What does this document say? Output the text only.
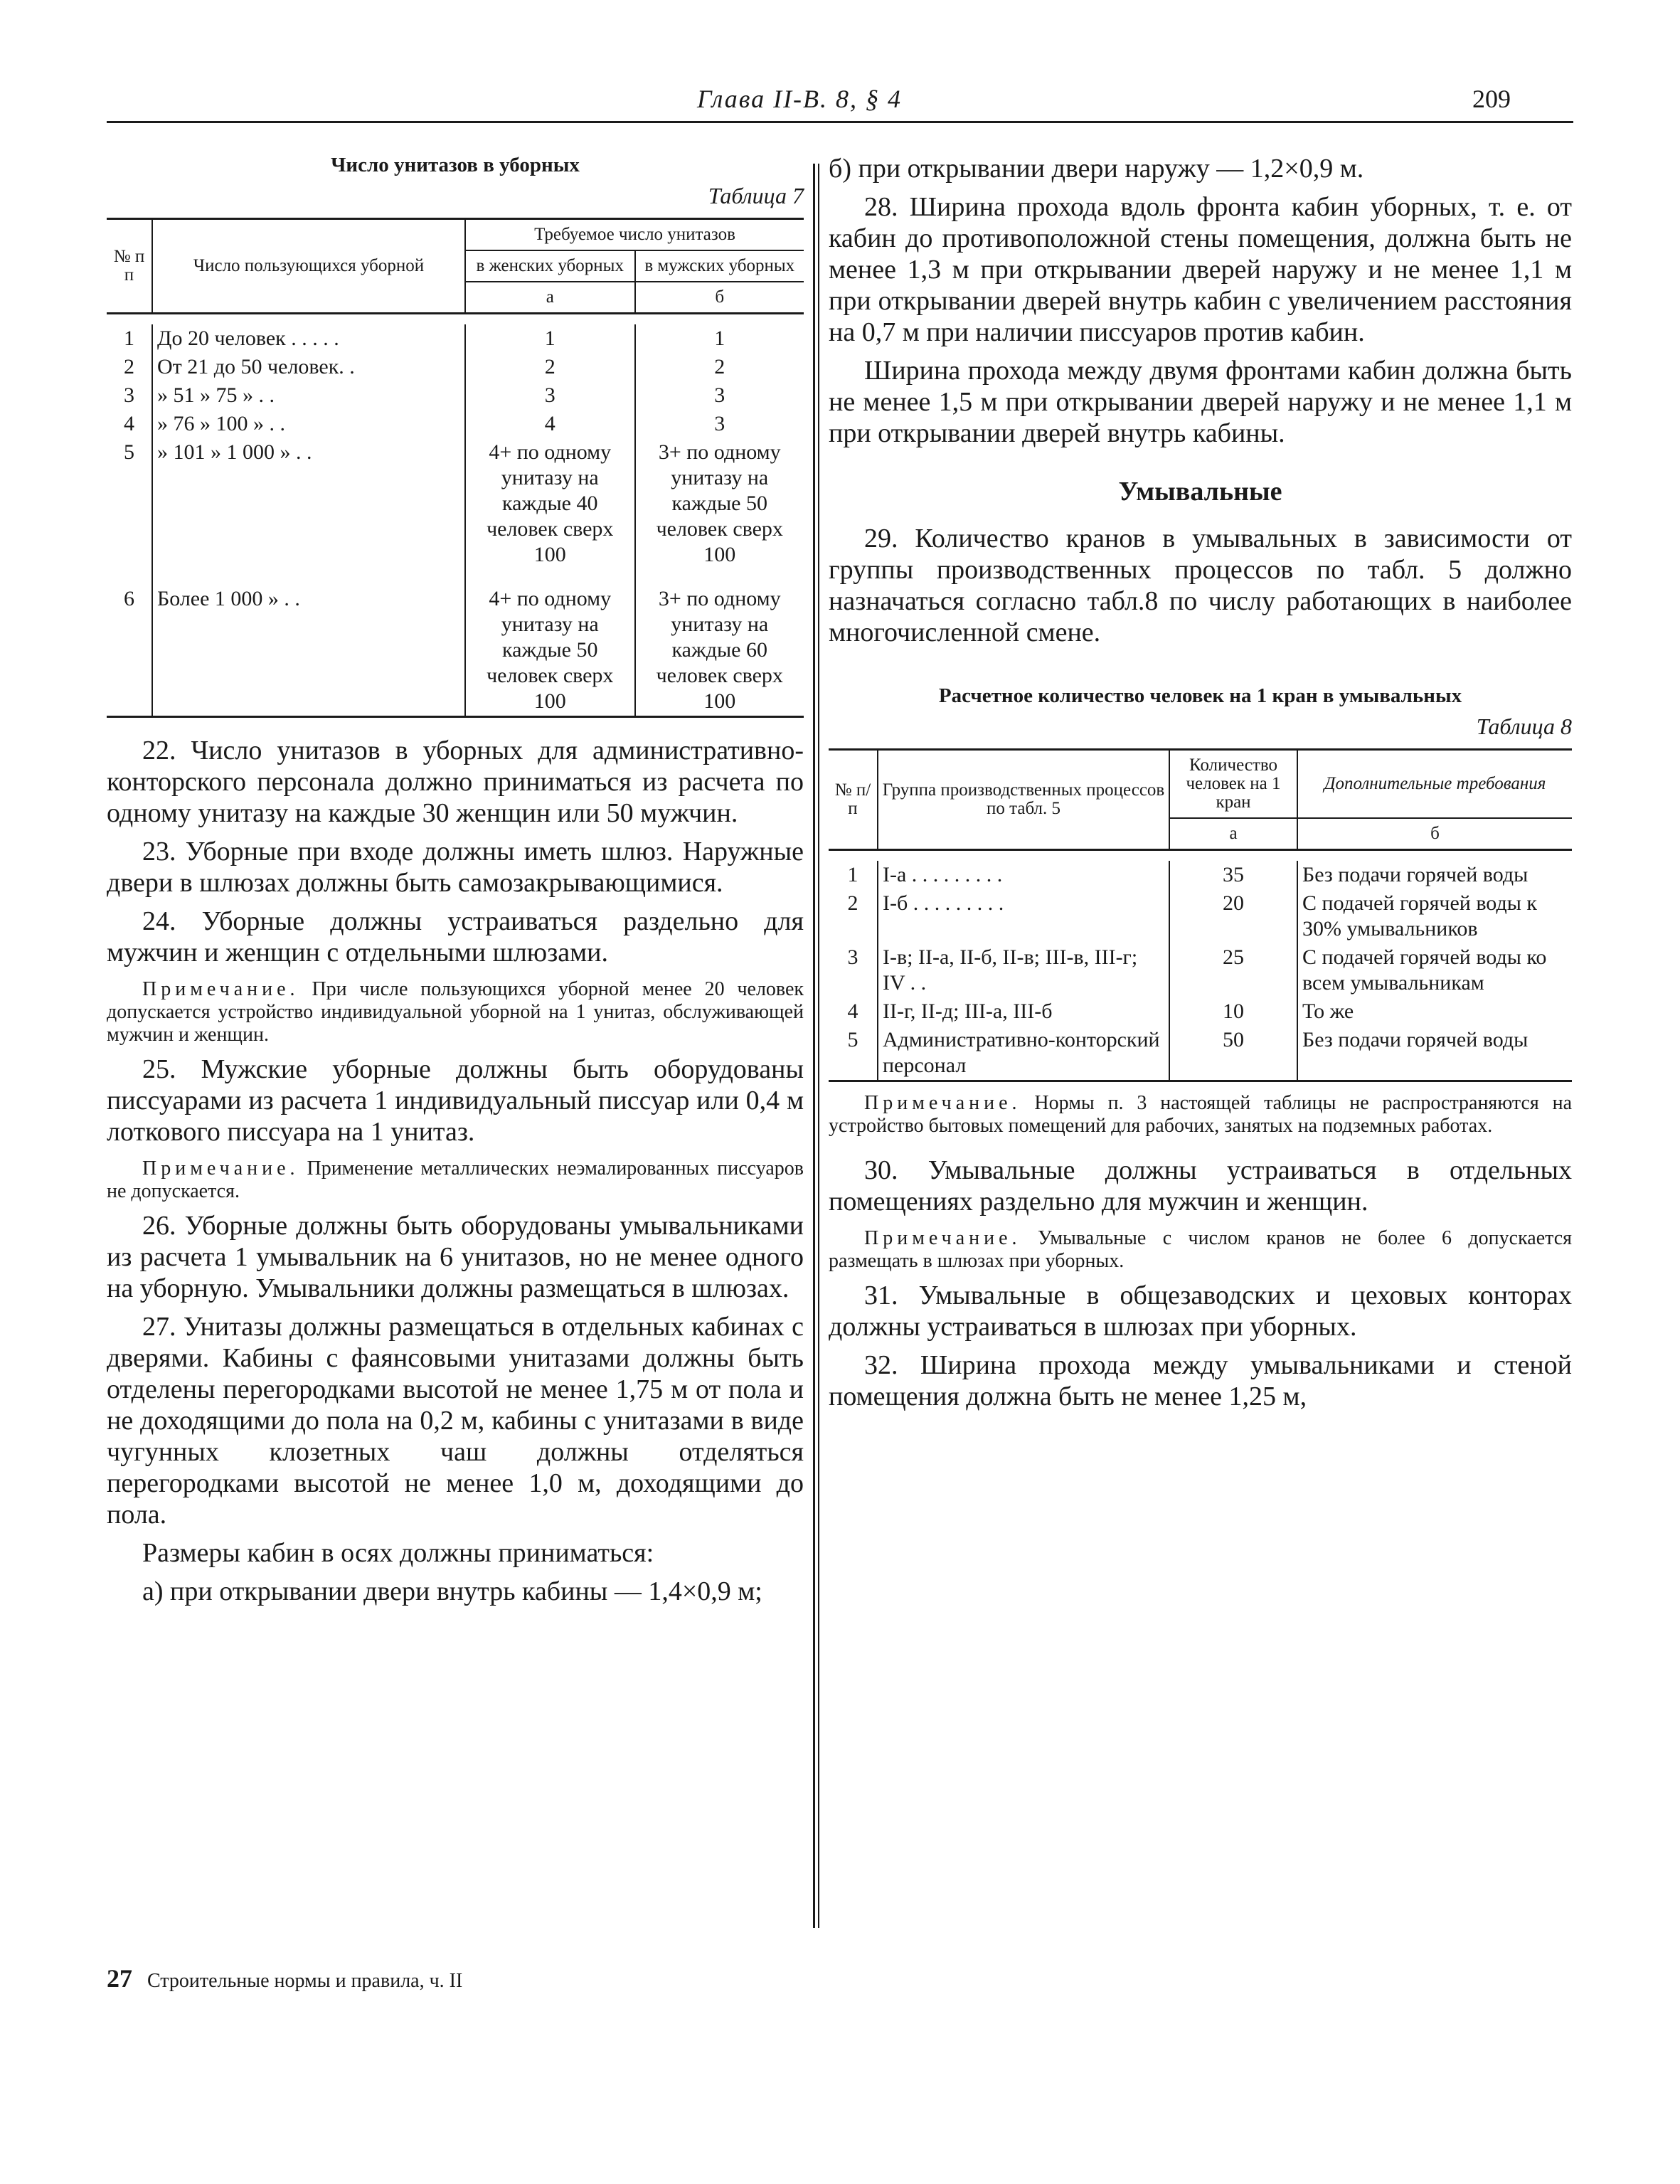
Глава II-В. 8, § 4	209
Число унитазов в уборных
Таблица 7
№ п п	Число пользующихся уборной	Требуемое число унитазов	
		в женских уборных	в мужских уборных
		а	б

1	До 20 человек . . . . .	1	1
2	От 21 до 50 человек. .	2	2
3	» 51 » 75 » . .	3	3
4	» 76 » 100 » . .	4	3
5	» 101 » 1 000 » . .	4+ по одному унитазу на каждые 40 человек сверх 100	3+ по одному унитазу на каждые 50 человек сверх 100
6	Более 1 000 » . .	4+ по одному унитазу на каждые 50 человек сверх 100	3+ по одному унитазу на каждые 60 человек сверх 100

22. Число унитазов в уборных для административно-конторского персонала должно приниматься из расчета по одному унитазу на каждые 30 женщин или 50 мужчин.

23. Уборные при входе должны иметь шлюз. Наружные двери в шлюзах должны быть самозакрывающимися.

24. Уборные должны устраиваться раздельно для мужчин и женщин с отдельными шлюзами.

Примечание. При числе пользующихся уборной менее 20 человек допускается устройство индивидуальной уборной на 1 унитаз, обслуживающей мужчин и женщин.

25. Мужские уборные должны быть оборудованы писсуарами из расчета 1 индивидуальный писсуар или 0,4 м лоткового писсуара на 1 унитаз.

Примечание. Применение металлических неэмалированных писсуаров не допускается.

26. Уборные должны быть оборудованы умывальниками из расчета 1 умывальник на 6 унитазов, но не менее одного на уборную. Умывальники должны размещаться в шлюзах.

27. Унитазы должны размещаться в отдельных кабинах с дверями. Кабины с фаянсовыми унитазами должны быть отделены перегородками высотой не менее 1,75 м от пола и не доходящими до пола на 0,2 м, кабины с унитазами в виде чугунных клозетных чаш должны отделяться перегородками высотой не менее 1,0 м, доходящими до пола.

Размеры кабин в осях должны приниматься:

а) при открывании двери внутрь кабины — 1,4×0,9 м;

б) при открывании двери наружу — 1,2×0,9 м.

28. Ширина прохода вдоль фронта кабин уборных, т. е. от кабин до противоположной стены помещения, должна быть не менее 1,3 м при открывании дверей наружу и не менее 1,1 м при открывании дверей внутрь кабин с увеличением расстояния на 0,7 м при наличии писсуаров против кабин.

Ширина прохода между двумя фронтами кабин должна быть не менее 1,5 м при открывании дверей наружу и не менее 1,1 м при открывании дверей внутрь кабины.

Умывальные

29. Количество кранов в умывальных в зависимости от группы производственных процессов по табл. 5 должно назначаться согласно табл.8 по числу работающих в наиболее многочисленной смене.

Расчетное количество человек на 1 кран в умывальных
Таблица 8
№ п/п	Группа производственных процессов по табл. 5	Количество человек на 1 кран	Дополнительные требования
		а	б

1	I-а . . . . . . . . .	35	Без подачи горячей воды
2	I-б . . . . . . . . .	20	С подачей горячей воды к 30% умывальников
3	I-в; II-а, II-б, II-в; III-в, III-г; IV . .	25	С подачей горячей воды ко всем умывальникам
4	II-г, II-д; III-а, III-б	10	То же
5	Административно-конторский персонал	50	Без подачи горячей воды

Примечание. Нормы п. 3 настоящей таблицы не распространяются на устройство бытовых помещений для рабочих, занятых на подземных работах.

30. Умывальные должны устраиваться в отдельных помещениях раздельно для мужчин и женщин.

Примечание. Умывальные с числом кранов не более 6 допускается размещать в шлюзах при уборных.

31. Умывальные в общезаводских и цеховых конторах должны устраиваться в шлюзах при уборных.

32. Ширина прохода между умывальниками и стеной помещения должна быть не менее 1,25 м,

27 Строительные нормы и правила, ч. II
